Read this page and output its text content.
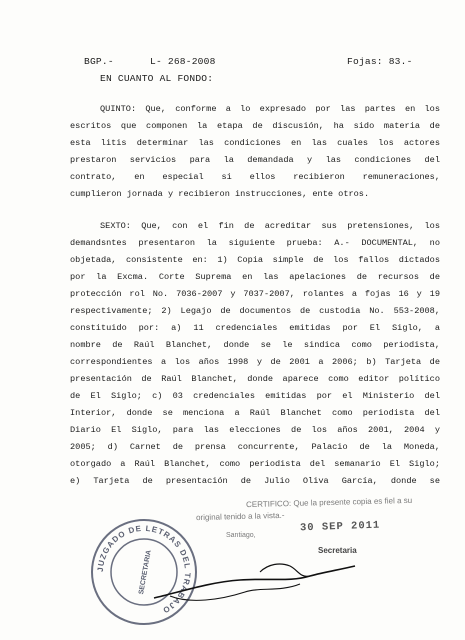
BGP.-	L- 268-2008	Fojas: 83.-
EN CUANTO AL FONDO:
QUINTO: Que, conforme a lo expresado por las partes en los
escritos que componen la etapa de discusión, ha sido materia de
esta litis determinar las condiciones en las cuales los actores
prestaron servicios para la demandada y las condiciones del
contrato, en especial si ellos recibieron remuneraciones,
cumplieron jornada y recibieron instrucciones, ente otros.
SEXTO: Que, con el fin de acreditar sus pretensiones, los
demandsntes presentaron la siguiente prueba: A.- DOCUMENTAL, no
objetada, consistente en: 1) Copia simple de los fallos dictados
por la Excma. Corte Suprema en las apelaciones de recursos de
protección rol No. 7036-2007 y 7037-2007, rolantes a fojas 16 y 19
respectivamente; 2) Legajo de documentos de custodia No. 553-2008,
constituido por: a) 11 credenciales emitidas por El Siglo, a
nombre de Raúl Blanchet, donde se le sindica como periodista,
correspondientes a los años 1998 y de 2001 a 2006; b) Tarjeta de
presentación de Raúl Blanchet, donde aparece como editor político
de El Siglo; c) 03 credenciales emitidas por el Ministerio del
Interior, donde se menciona a Raúl Blanchet como periodista del
Diario El Siglo, para las elecciones de los años 2001, 2004 y
2005; d) Carnet de prensa concurrente, Palacio de la Moneda,
otorgado a Raúl Blanchet, como periodista del semanario El Siglo;
e) Tarjeta de presentación de Julio Oliva García, donde se
CERTIFICO: Que la presente copia es fiel a su
original tenido a la vista.-
Santiago,
30 SEP 2011
Secretaria
JUZGADO DE LETRAS DEL TRABAJO
SECRETARIA
